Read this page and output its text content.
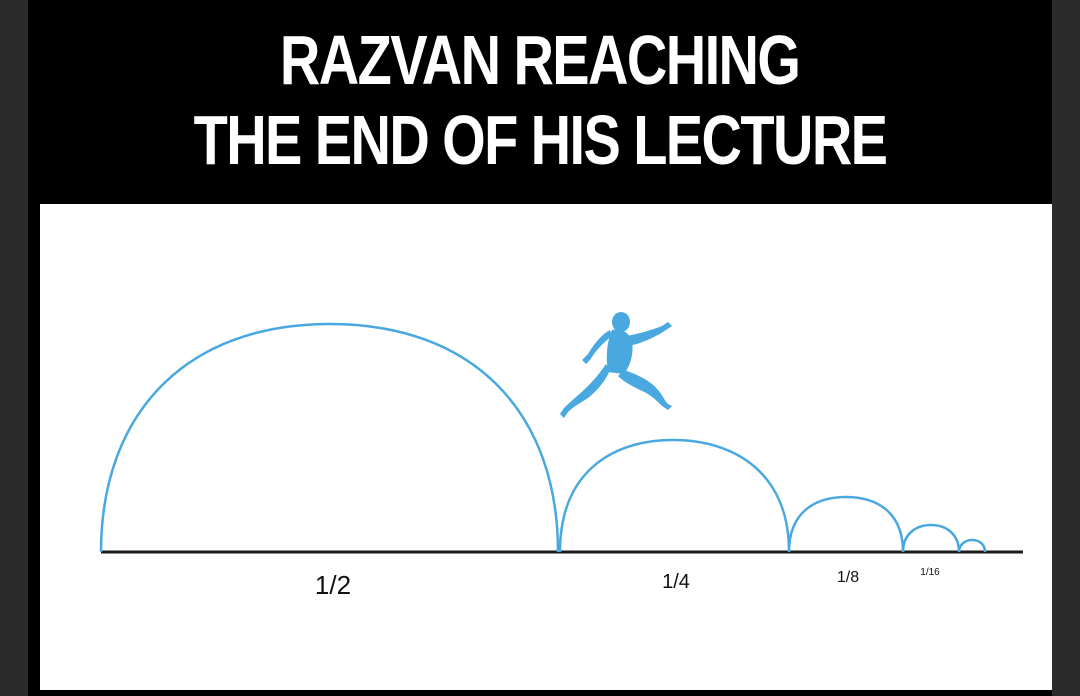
RAZVAN REACHING
THE END OF HIS LECTURE
1/2	1/4	1/8	1/16
